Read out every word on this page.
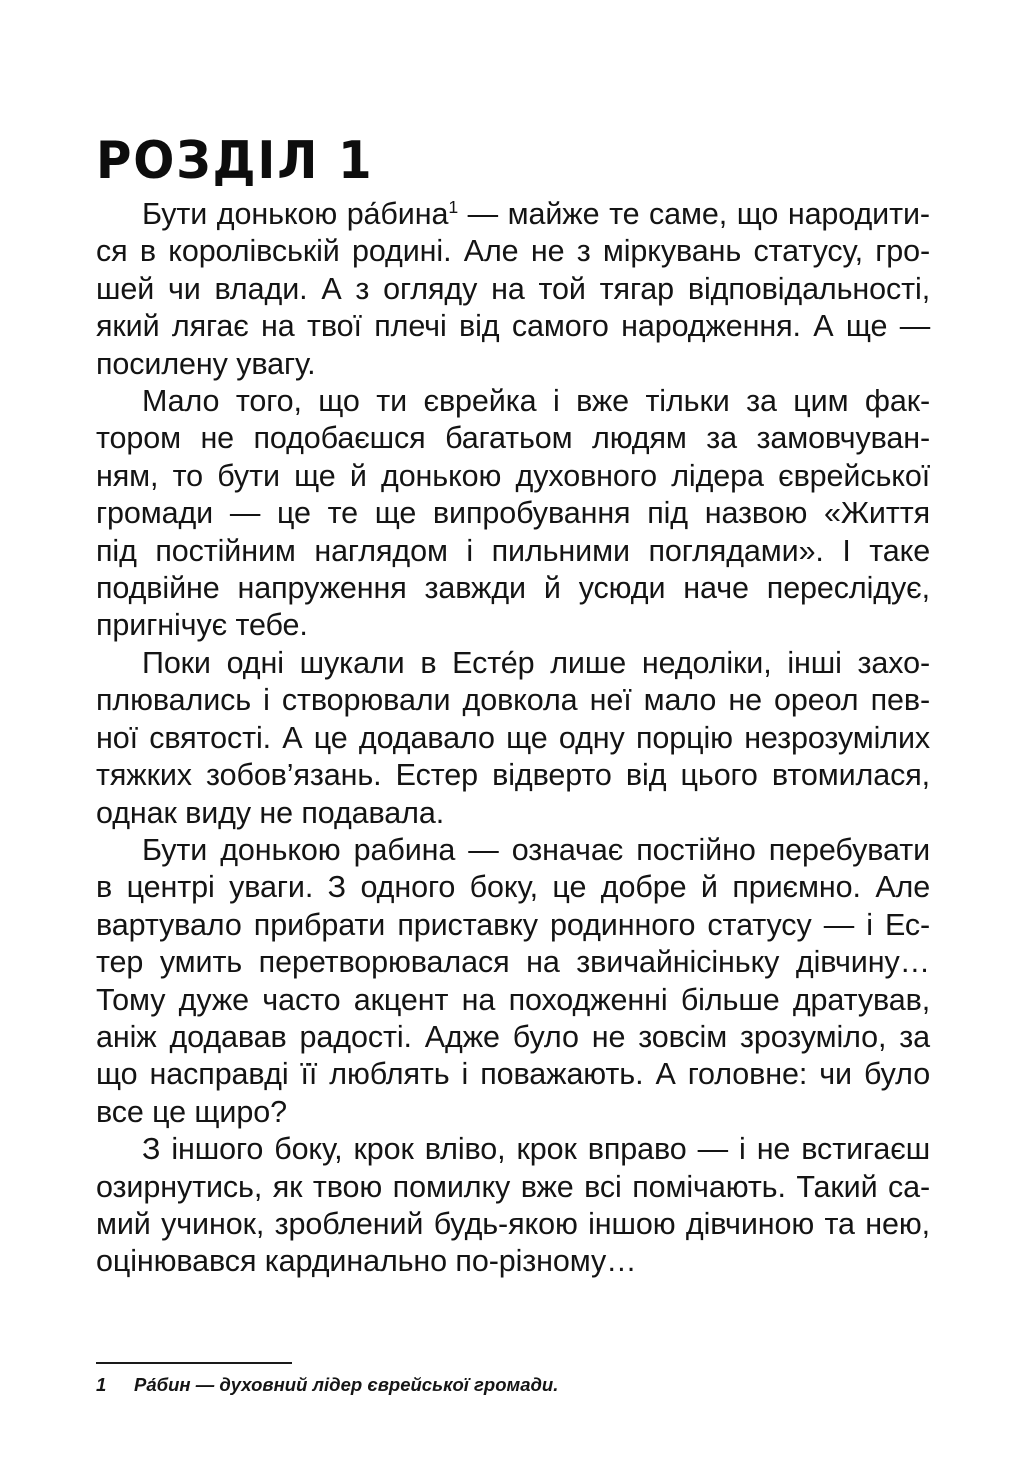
РОЗДІЛ 1

Бути донькою ра́бина$^1$ — майже те саме, що народити-
ся в королівській родині. Але не з міркувань статусу, гро-
шей чи влади. А з огляду на той тягар відповідальності,
який лягає на твої плечі від самого народження. А ще —
посилену увагу.

Мало того, що ти єврейка і вже тільки за цим фак-
тором не подобаєшся багатьом людям за замовчуван-
ням, то бути ще й донькою духовного лідера єврейської
громади — це те ще випробування під назвою «Життя
під постійним наглядом і пильними поглядами». І таке
подвійне напруження завжди й усюди наче переслідує,
пригнічує тебе.

Поки одні шукали в Есте́р лише недоліки, інші захо-
плювались і створювали довкола неї мало не ореол пев-
ної святості. А це додавало ще одну порцію незрозумілих
тяжких зобов’язань. Естер відверто від цього втомилася,
однак виду не подавала.

Бути донькою рабина — означає постійно перебувати
в центрі уваги. З одного боку, це добре й приємно. Але
вартувало прибрати приставку родинного статусу — і Ес-
тер умить перетворювалася на звичайнісіньку дівчину…
Тому дуже часто акцент на походженні більше дратував,
аніж додавав радості. Адже було не зовсім зрозуміло, за
що насправді її люблять і поважають. А головне: чи було
все це щиро?

З іншого боку, крок вліво, крок вправо — і не встигаєш
озирнутись, як твою помилку вже всі помічають. Такий са-
мий учинок, зроблений будь-якою іншою дівчиною та нею,
оцінювався кардинально по-різному…

1	Ра́бин — духовний лідер єврейської громади.
